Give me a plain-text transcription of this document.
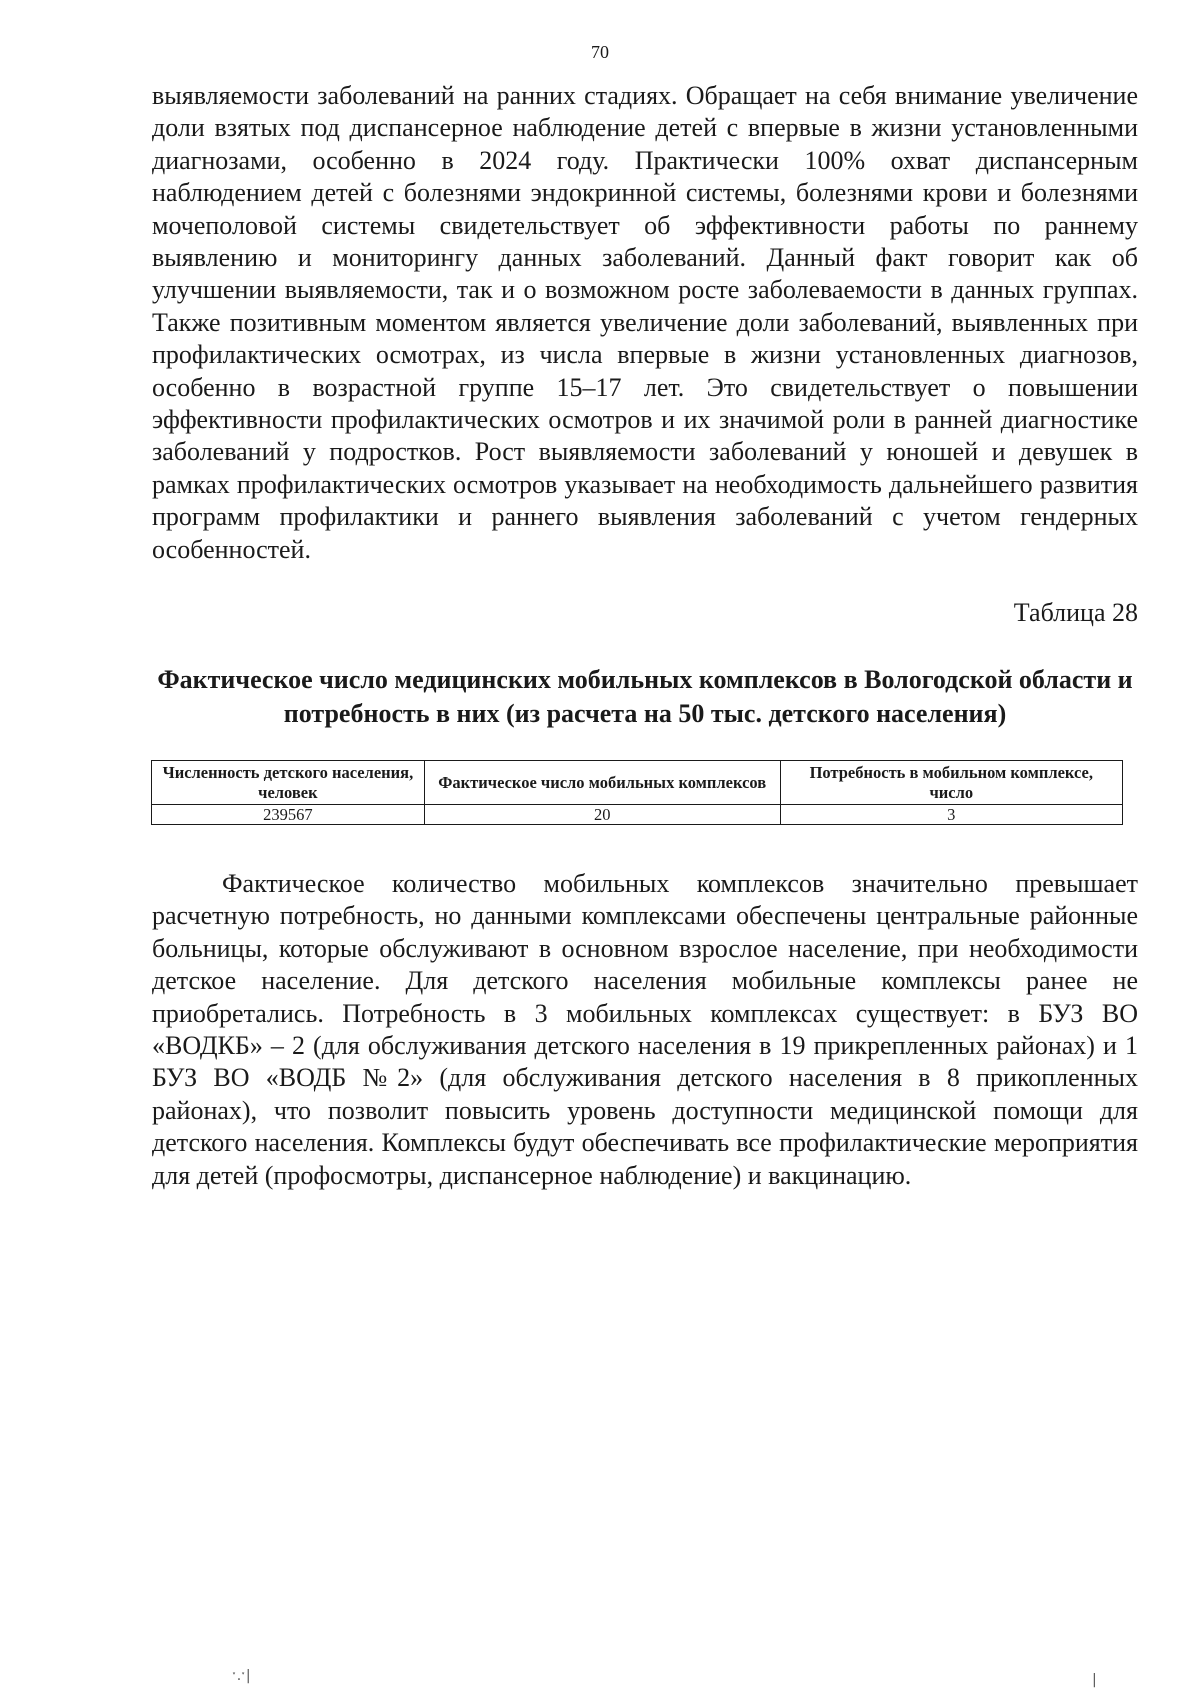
70

выявляемости заболеваний на ранних стадиях. Обращает на себя внимание увеличение доли взятых под диспансерное наблюдение детей с впервые в жизни установленными диагнозами, особенно в 2024 году. Практически 100% охват диспансерным наблюдением детей с болезнями эндокринной системы, болезнями крови и болезнями мочеполовой системы свидетельствует об эффективности работы по раннему выявлению и мониторингу данных заболеваний. Данный факт говорит как об улучшении выявляемости, так и о возможном росте заболеваемости в данных группах. Также позитивным моментом является увеличение доли заболеваний, выявленных при профилактических осмотрах, из числа впервые в жизни установленных диагнозов, особенно в возрастной группе 15–17 лет. Это свидетельствует о повышении эффективности профилактических осмотров и их значимой роли в ранней диагностике заболеваний у подростков. Рост выявляемости заболеваний у юношей и девушек в рамках профилактических осмотров указывает на необходимость дальнейшего развития программ профилактики и раннего выявления заболеваний с учетом гендерных особенностей.

Таблица 28
Фактическое число медицинских мобильных комплексов в Вологодской области и потребность в них (из расчета на 50 тыс. детского населения)
Численность детского населения, человек	Фактическое число мобильных комплексов	Потребность в мобильном комплексе, число
239567	20	3

Фактическое количество мобильных комплексов значительно превышает расчетную потребность, но данными комплексами обеспечены центральные районные больницы, которые обслуживают в основном взрослое население, при необходимости детское население. Для детского населения мобильные комплексы ранее не приобретались. Потребность в 3 мобильных комплексах существует: в БУЗ ВО «ВОДКБ» – 2 (для обслуживания детского населения в 19 прикрепленных районах) и 1 БУЗ ВО «ВОДБ №2» (для обслуживания детского населения в 8 прикопленных районах), что позволит повысить уровень доступности медицинской помощи для детского населения. Комплексы будут обеспечивать все профилактические мероприятия для детей (профосмотры, диспансерное наблюдение) и вакцинацию.

ˑ.ˑ|	|
